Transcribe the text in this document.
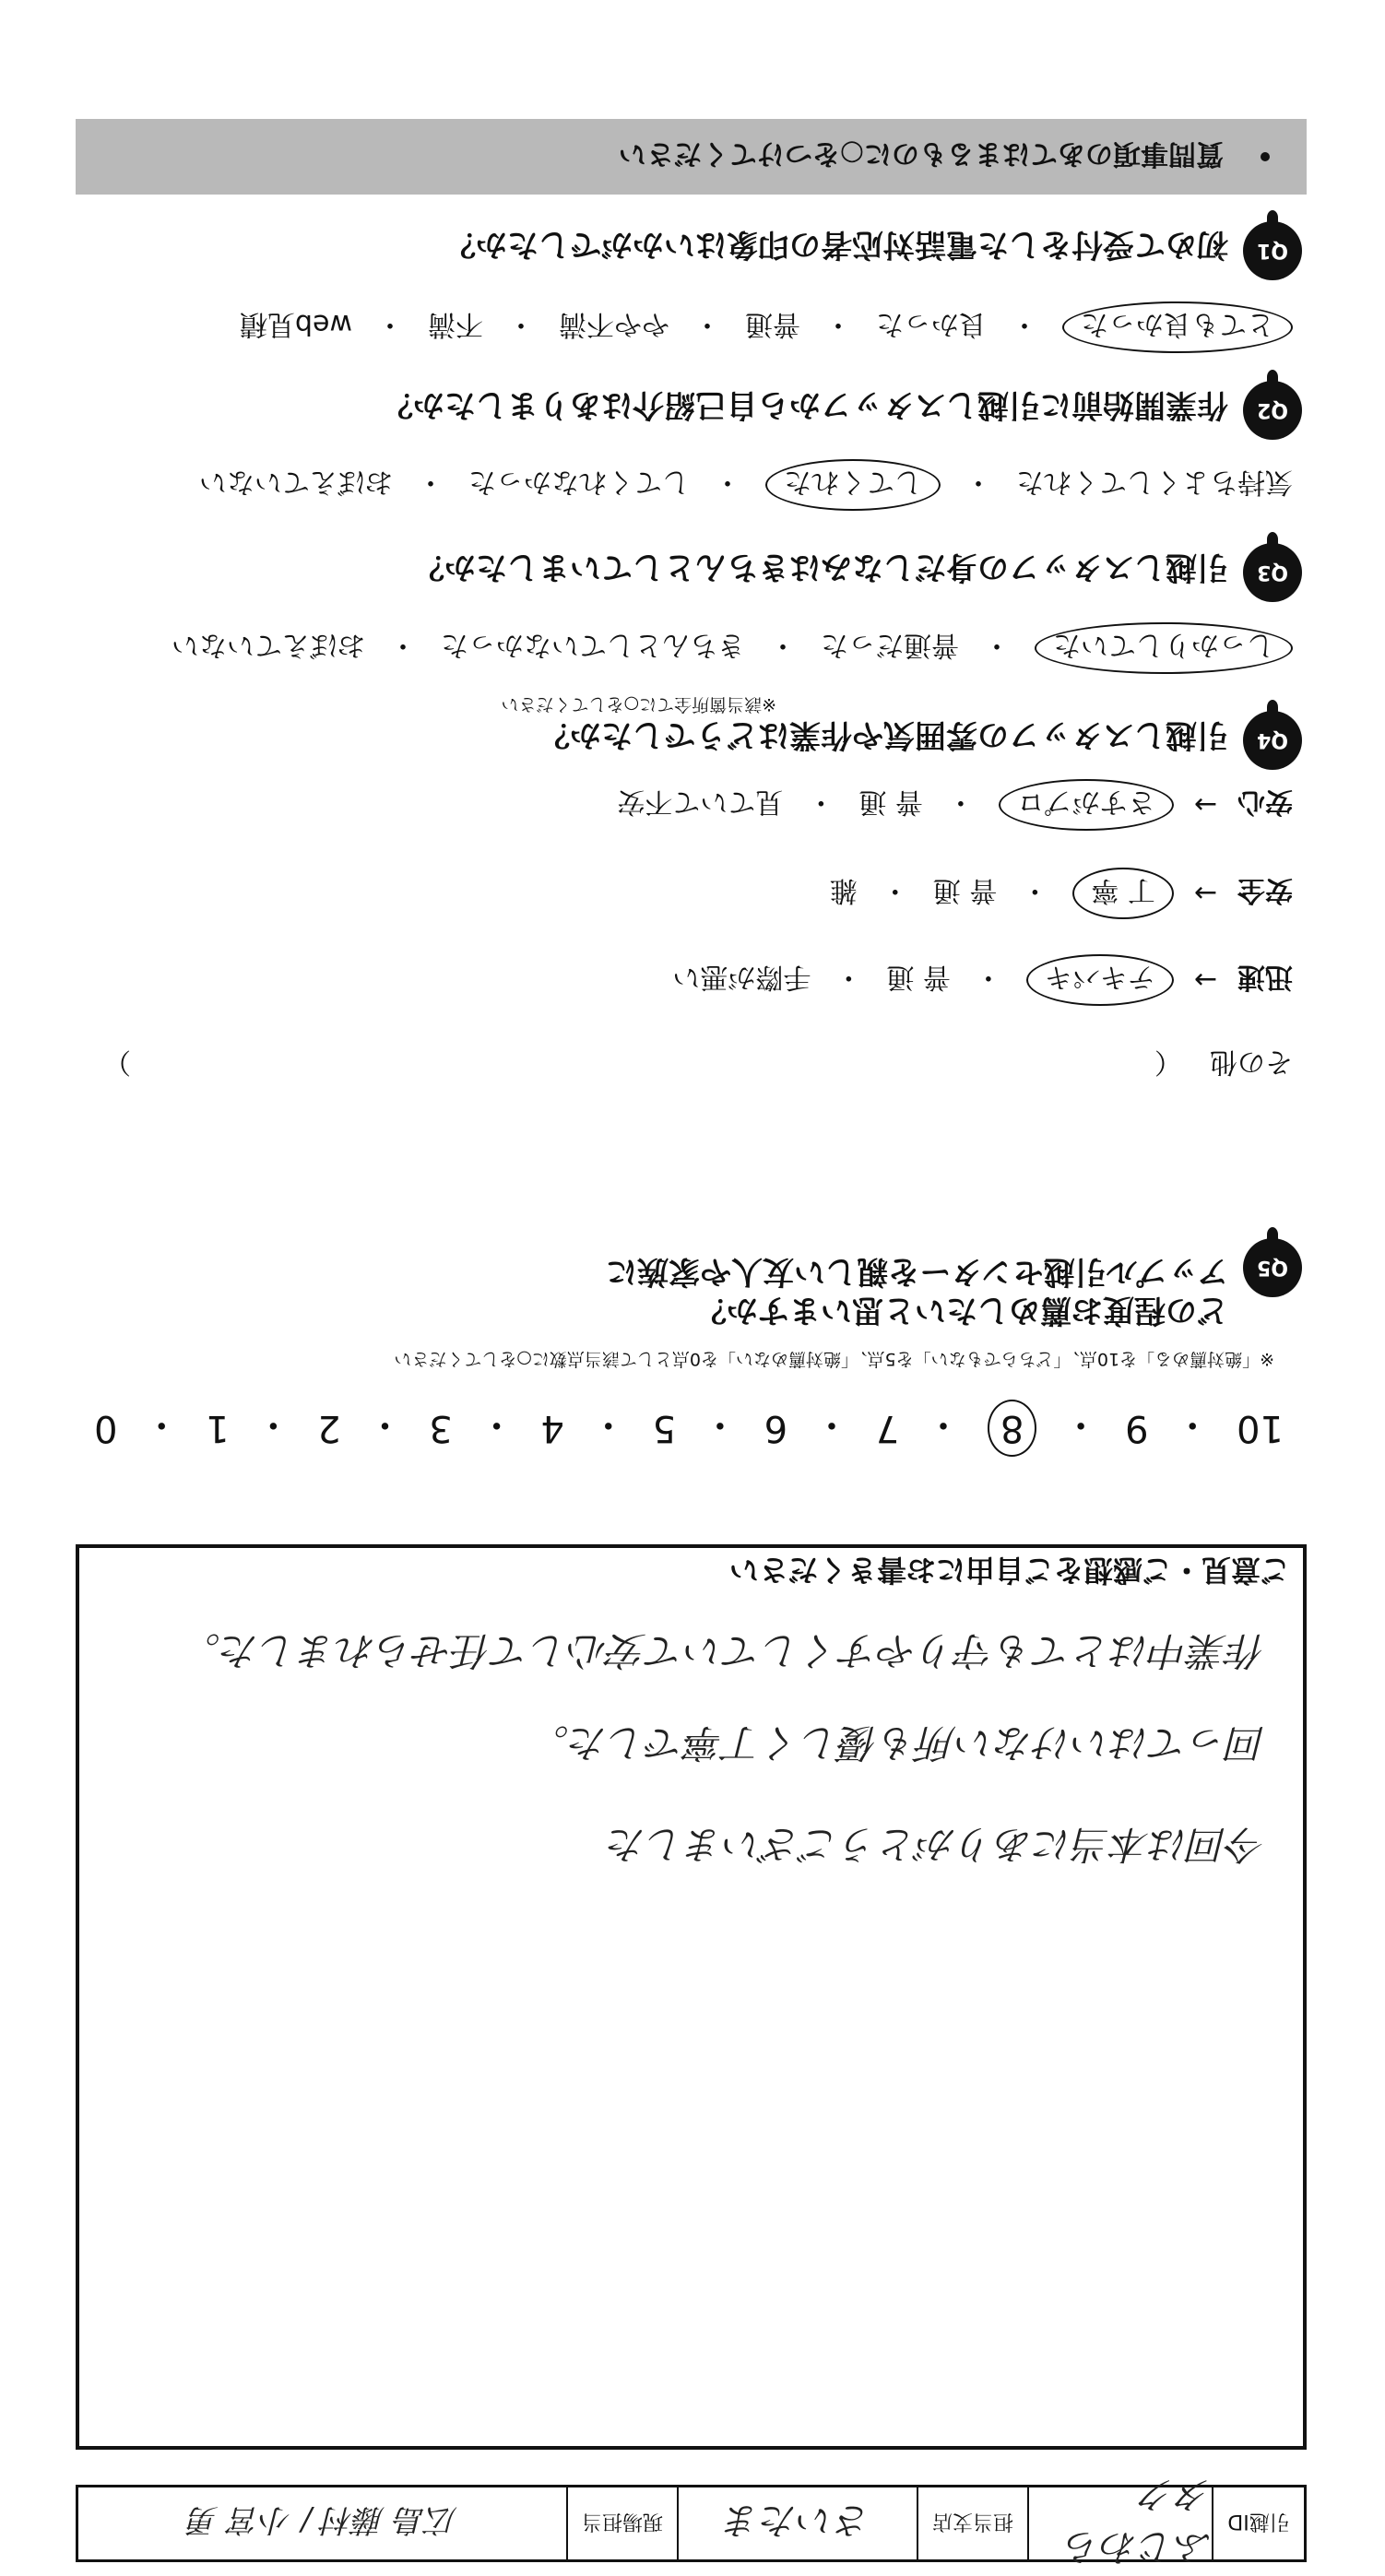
質問事項のあてはまるものに○をつけてください
Q1
初めて受付をした電話対応者の印象はいかがでしたか？
とても良かった
・
良かった
・
普通
・
やや不満
・
不満
・
web見積
Q2
作業開始前に引越しスタッフから自己紹介はありましたか？
気持ちよくしてくれた
・
してくれた
・
してくれなかった
・
おぼえていない
Q3
引越しスタッフの身だしなみはきちんとしていましたか？
しっかりしていた
・
普通だった
・
きちんとしていなかった
・
おぼえていない
Q4
引越しスタッフの雰囲気や作業はどうでしたか？
※該当箇所全てに○をしてください
安心
→
さすがプロ
・
普 通
・
見ていて不安
安全
→
丁 寧
・
普 通
・
雑
迅速
→
テキパキ
・
普 通
・
手際が悪い
その他
（
）
Q5
アップル引越センターを親しい友人や家族に
どの程度お薦めしたいと思いますか？
※「絶対薦める」を10点、「どちらでもない」を5点、「絶対薦めない」を0点として該当点数に○をしてください
10
・
9
・
8
・
7
・
6
・
5
・
4
・
3
・
2
・
1
・
0
ご意見・ご感想をご自由にお書きください
作業中はとても守りやすくしていて安心して任せられました。
回ってはいけない所も優しく丁寧でした。
今回は本当にありがとうございました
引越ID
ふじわらタク
担当支店
さいたま
現場担当
広島 藤村 / 小宮 勇
